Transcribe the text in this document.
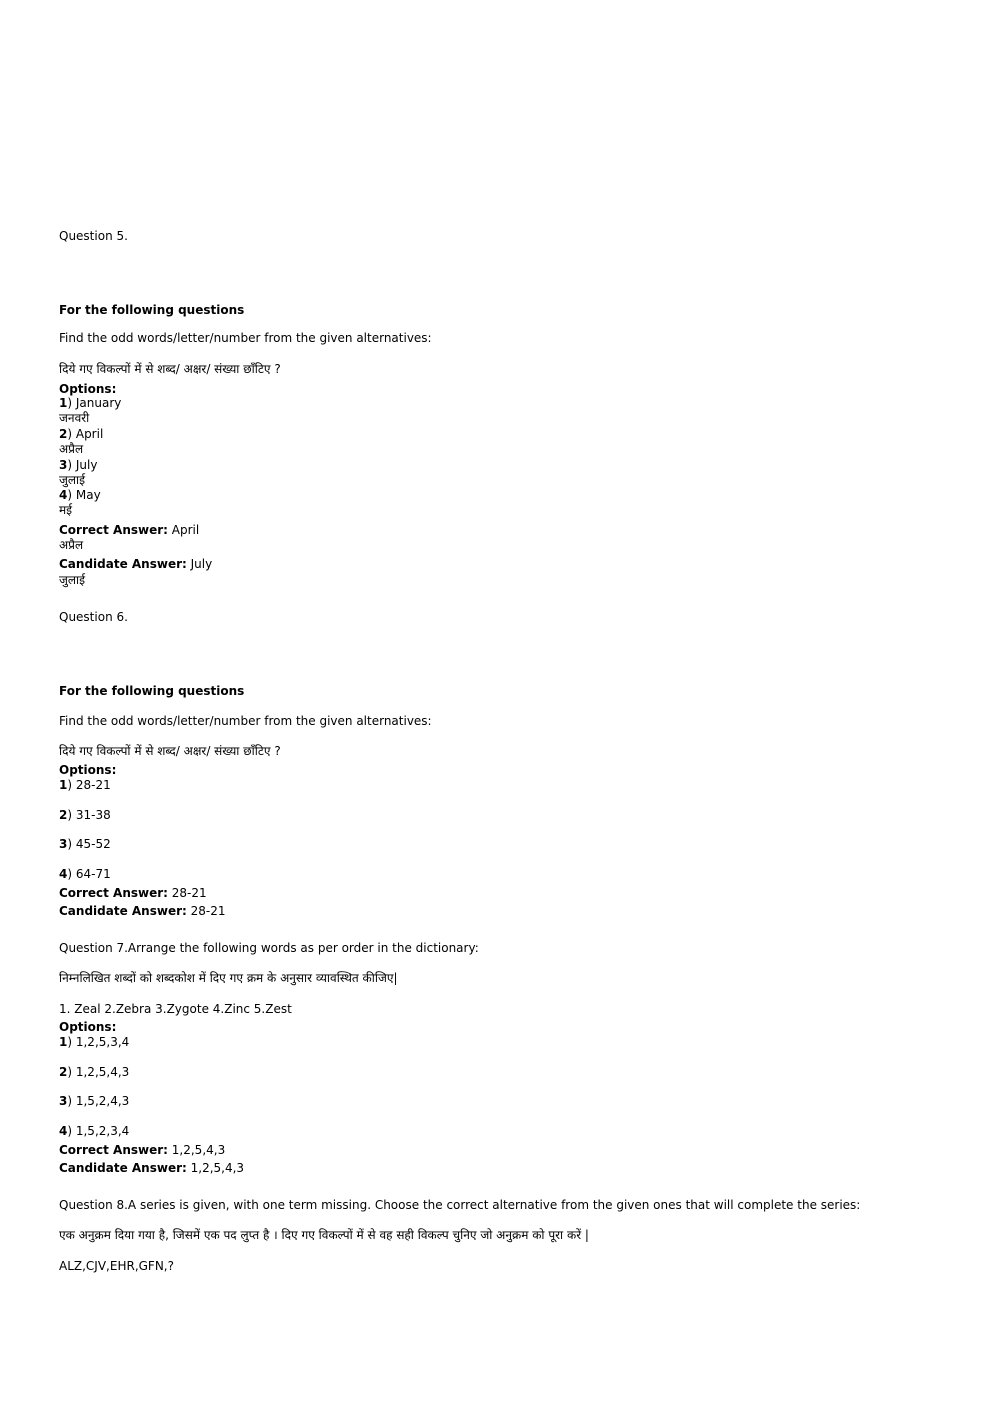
Question 5.
For the following questions
Find the odd words/letter/number from the given alternatives:
दिये गए विकल्पों में से शब्द/ अक्षर/ संख्या छाँटिए ?
Options:
1) January
जनवरी
2) April
अप्रैल
3) July
जुलाई
4) May
मई
Correct Answer: April
अप्रैल
Candidate Answer: July
जुलाई
Question 6.
For the following questions
Find the odd words/letter/number from the given alternatives:
दिये गए विकल्पों में से शब्द/ अक्षर/ संख्या छाँटिए ?
Options:
1) 28-21
2) 31-38
3) 45-52
4) 64-71
Correct Answer: 28-21
Candidate Answer: 28-21
Question 7.Arrange the following words as per order in the dictionary:
निम्नलिखित शब्दों को शब्दकोश में दिए गए क्रम के अनुसार व्यावस्थित कीजिए|
1. Zeal 2.Zebra 3.Zygote 4.Zinc 5.Zest
Options:
1) 1,2,5,3,4
2) 1,2,5,4,3
3) 1,5,2,4,3
4) 1,5,2,3,4
Correct Answer: 1,2,5,4,3
Candidate Answer: 1,2,5,4,3
Question 8.A series is given, with one term missing. Choose the correct alternative from the given ones that will complete the series:
एक अनुक्रम दिया गया है, जिसमें एक पद लुप्त है । दिए गए विकल्पों में से वह सही विकल्प चुनिए जो अनुक्रम को पूरा करें |
ALZ,CJV,EHR,GFN,?
